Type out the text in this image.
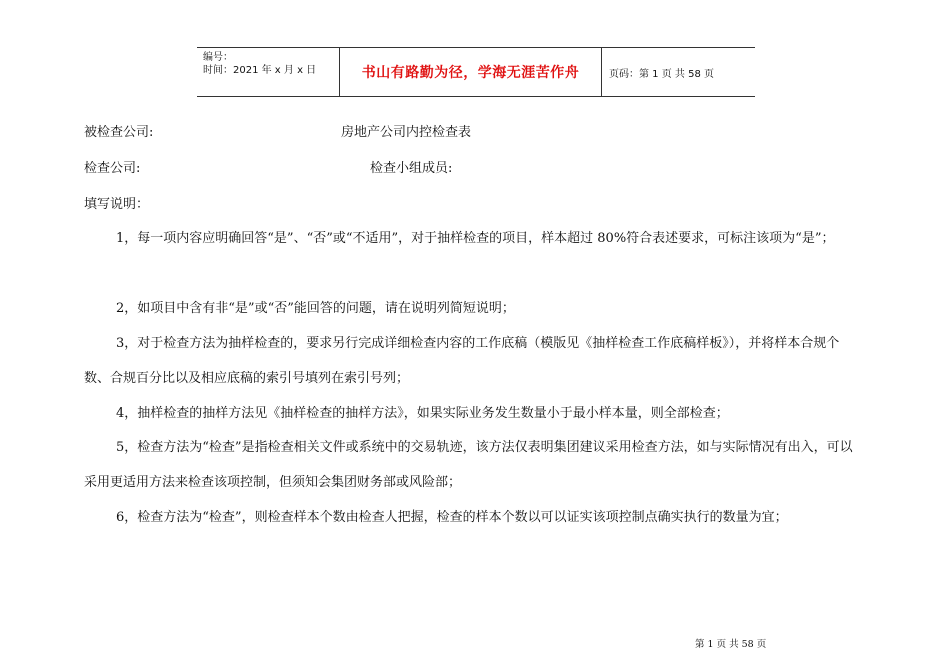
编号：
时间：2021 年 x 月 x 日	书山有路勤为径，学海无涯苦作舟	页码：第 1 页 共 58 页
被检查公司:	房地产公司内控检查表
检查公司:	检查小组成员:
填写说明：
1，每一项内容应明确回答“是”、“否”或“不适用”，对于抽样检查的项目，样本超过 80%符合表述要求，可标注该项为“是”；
2，如项目中含有非“是”或“否”能回答的问题，请在说明列简短说明；
3，对于检查方法为抽样检查的，要求另行完成详细检查内容的工作底稿（模版见《抽样检查工作底稿样板》），并将样本合规个数、合规百分比以及相应底稿的索引号填列在索引号列；
4，抽样检查的抽样方法见《抽样检查的抽样方法》，如果实际业务发生数量小于最小样本量，则全部检查；
5，检查方法为“检查”是指检查相关文件或系统中的交易轨迹，该方法仅表明集团建议采用检查方法，如与实际情况有出入，可以采用更适用方法来检查该项控制，但须知会集团财务部或风险部；
6，检查方法为“检查”，则检查样本个数由检查人把握，检查的样本个数以可以证实该项控制点确实执行的数量为宜；
第 1 页 共 58 页
